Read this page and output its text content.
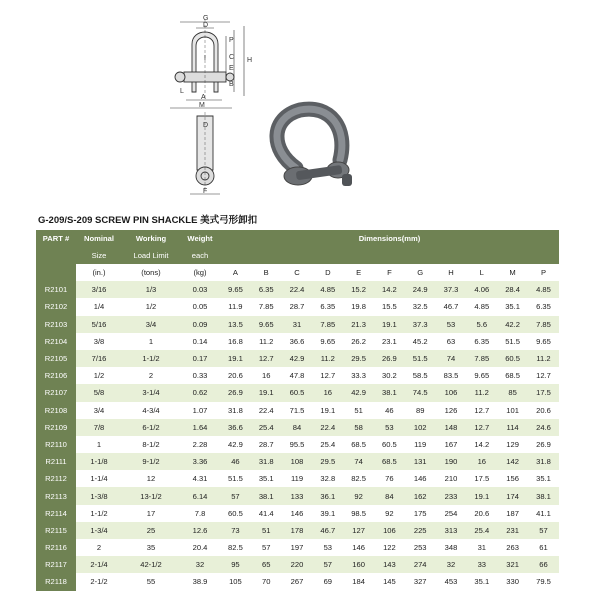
G
D
A
P
C
E
B
H
I
L
M
D
F
G-209/S-209 SCREW PIN SHACKLE 美式弓形卸扣
PART #	Nominal	Working	Weight	Dimensions(mm)										
	Size	Load Limit	each											
	(in.)	(tons)	(kg)	A	B	C	D	E	F	G	H	L	M	P
R2101	3/16	1/3	0.03	9.65	6.35	22.4	4.85	15.2	14.2	24.9	37.3	4.06	28.4	4.85
R2102	1/4	1/2	0.05	11.9	7.85	28.7	6.35	19.8	15.5	32.5	46.7	4.85	35.1	6.35
R2103	5/16	3/4	0.09	13.5	9.65	31	7.85	21.3	19.1	37.3	53	5.6	42.2	7.85
R2104	3/8	1	0.14	16.8	11.2	36.6	9.65	26.2	23.1	45.2	63	6.35	51.5	9.65
R2105	7/16	1-1/2	0.17	19.1	12.7	42.9	11.2	29.5	26.9	51.5	74	7.85	60.5	11.2
R2106	1/2	2	0.33	20.6	16	47.8	12.7	33.3	30.2	58.5	83.5	9.65	68.5	12.7
R2107	5/8	3-1/4	0.62	26.9	19.1	60.5	16	42.9	38.1	74.5	106	11.2	85	17.5
R2108	3/4	4-3/4	1.07	31.8	22.4	71.5	19.1	51	46	89	126	12.7	101	20.6
R2109	7/8	6-1/2	1.64	36.6	25.4	84	22.4	58	53	102	148	12.7	114	24.6
R2110	1	8-1/2	2.28	42.9	28.7	95.5	25.4	68.5	60.5	119	167	14.2	129	26.9
R2111	1-1/8	9-1/2	3.36	46	31.8	108	29.5	74	68.5	131	190	16	142	31.8
R2112	1-1/4	12	4.31	51.5	35.1	119	32.8	82.5	76	146	210	17.5	156	35.1
R2113	1-3/8	13-1/2	6.14	57	38.1	133	36.1	92	84	162	233	19.1	174	38.1
R2114	1-1/2	17	7.8	60.5	41.4	146	39.1	98.5	92	175	254	20.6	187	41.1
R2115	1-3/4	25	12.6	73	51	178	46.7	127	106	225	313	25.4	231	57
R2116	2	35	20.4	82.5	57	197	53	146	122	253	348	31	263	61
R2117	2-1/4	42-1/2	32	95	65	220	57	160	143	274	32	33	321	66
R2118	2-1/2	55	38.9	105	70	267	69	184	145	327	453	35.1	330	79.5
